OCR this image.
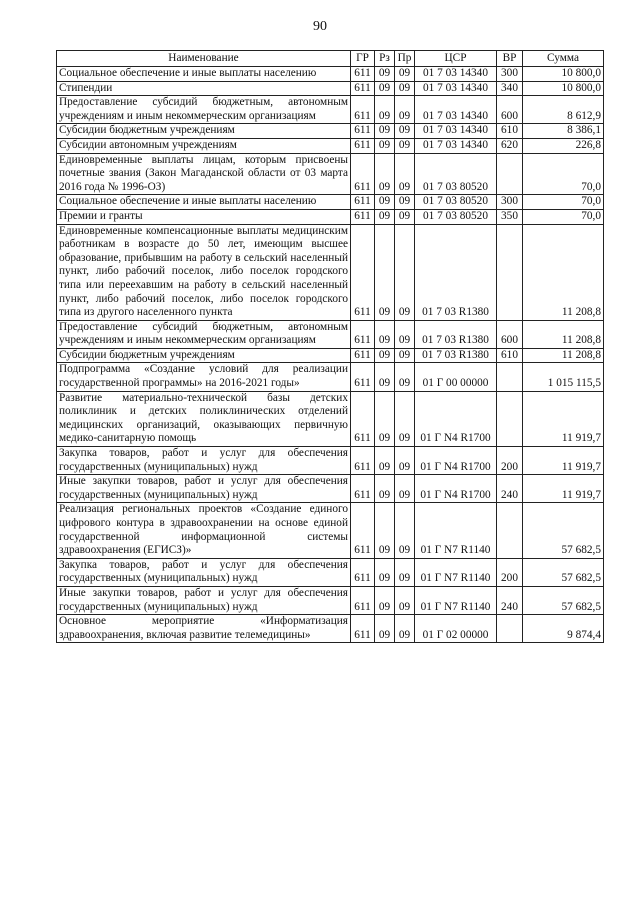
90
Наименование	ГР	Рз	Пр	ЦСР	ВР	Сумма
Социальное обеспечение и иные выплаты населению	611	09	09	01 7 03 14340	300	10 800,0
Стипендии	611	09	09	01 7 03 14340	340	10 800,0
Предоставление субсидий бюджетным, автономным учреждениям и иным некоммерческим организациям	611	09	09	01 7 03 14340	600	8 612,9
Субсидии бюджетным учреждениям	611	09	09	01 7 03 14340	610	8 386,1
Субсидии автономным учреждениям	611	09	09	01 7 03 14340	620	226,8
Единовременные выплаты лицам, которым присвоены почетные звания (Закон Магаданской области от 03 марта 2016 года № 1996-ОЗ)	611	09	09	01 7 03 80520		70,0
Социальное обеспечение и иные выплаты населению	611	09	09	01 7 03 80520	300	70,0
Премии и гранты	611	09	09	01 7 03 80520	350	70,0
Единовременные компенсационные выплаты медицинским работникам в возрасте до 50 лет, имеющим высшее образование, прибывшим на работу в сельский населенный пункт, либо рабочий поселок, либо поселок городского типа или переехавшим на работу в сельский населенный пункт, либо рабочий поселок, либо поселок городского типа из другого населенного пункта	611	09	09	01 7 03 R1380		11 208,8
Предоставление субсидий бюджетным, автономным учреждениям и иным некоммерческим организациям	611	09	09	01 7 03 R1380	600	11 208,8
Субсидии бюджетным учреждениям	611	09	09	01 7 03 R1380	610	11 208,8
Подпрограмма «Создание условий для реализации государственной программы» на 2016-2021 годы»	611	09	09	01 Г 00 00000		1 015 115,5
Развитие материально-технической базы детских поликлиник и детских поликлинических отделений медицинских организаций, оказывающих первичную медико-санитарную помощь	611	09	09	01 Г N4 R1700		11 919,7
Закупка товаров, работ и услуг для обеспечения государственных (муниципальных) нужд	611	09	09	01 Г N4 R1700	200	11 919,7
Иные закупки товаров, работ и услуг для обеспечения государственных (муниципальных) нужд	611	09	09	01 Г N4 R1700	240	11 919,7
Реализация региональных проектов «Создание единого цифрового контура в здравоохранении на основе единой государственной информационной системы здравоохранения (ЕГИСЗ)»	611	09	09	01 Г N7 R1140		57 682,5
Закупка товаров, работ и услуг для обеспечения государственных (муниципальных) нужд	611	09	09	01 Г N7 R1140	200	57 682,5
Иные закупки товаров, работ и услуг для обеспечения государственных (муниципальных) нужд	611	09	09	01 Г N7 R1140	240	57 682,5
Основное мероприятие «Информатизация здравоохранения, включая развитие телемедицины»	611	09	09	01 Г 02 00000		9 874,4
